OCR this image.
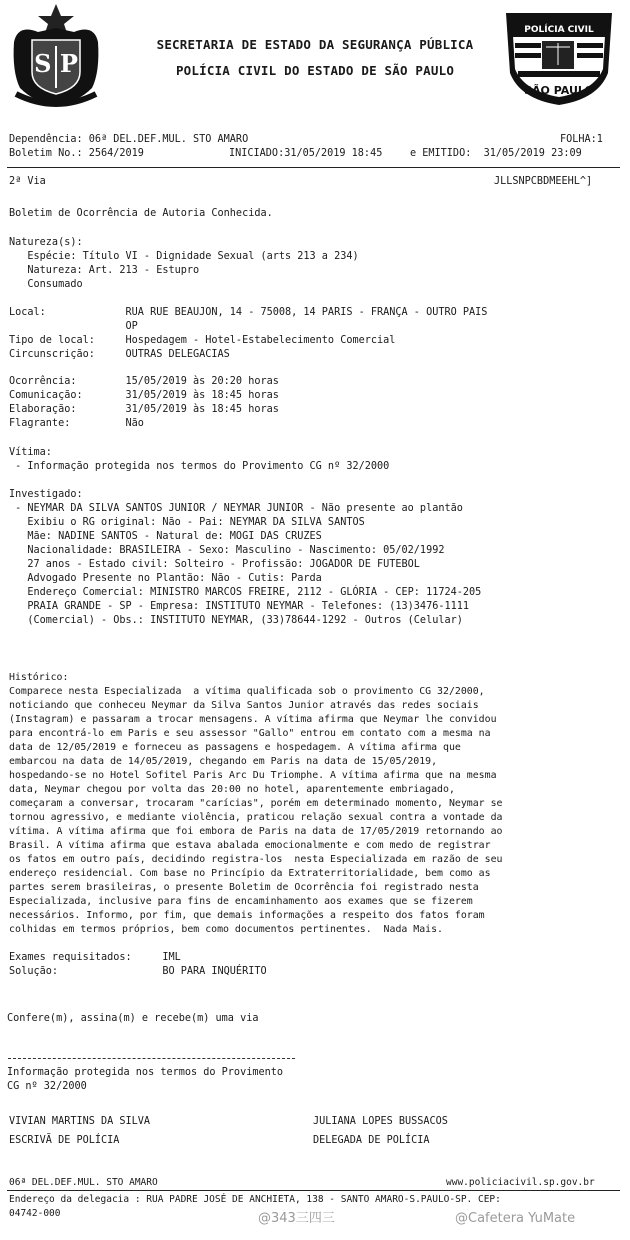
S P
SECRETARIA DE ESTADO DA SEGURANÇA PÚBLICA
POLÍCIA CIVIL DO ESTADO DE SÃO PAULO
POLÍCIA CIVIL
SÃO PAULO
Dependência: 06ª DEL.DEF.MUL. STO AMARO	FOLHA:1
Boletim No.: 2564/2019	INICIADO:31/05/2019 18:45	e EMITIDO:  31/05/2019 23:09
2ª Via	JLLSNPCBDMEEHL^]
Boletim de Ocorrência de Autoria Conhecida.
Natureza(s):
Espécie: Título VI - Dignidade Sexual (arts 213 a 234)
Natureza: Art. 213 - Estupro
Consumado
Local:             RUA RUE BEAUJON, 14 - 75008, 14 PARIS - FRANÇA - OUTRO PAIS
OP
Tipo de local:     Hospedagem - Hotel-Estabelecimento Comercial
Circunscrição:     OUTRAS DELEGACIAS
Ocorrência:        15/05/2019 às 20:20 horas
Comunicação:       31/05/2019 às 18:45 horas
Elaboração:        31/05/2019 às 18:45 horas
Flagrante:         Não
Vítima:
- Informação protegida nos termos do Provimento CG nº 32/2000
Investigado:
- NEYMAR DA SILVA SANTOS JUNIOR / NEYMAR JUNIOR - Não presente ao plantão
Exibiu o RG original: Não - Pai: NEYMAR DA SILVA SANTOS
Mãe: NADINE SANTOS - Natural de: MOGI DAS CRUZES
Nacionalidade: BRASILEIRA - Sexo: Masculino - Nascimento: 05/02/1992
27 anos - Estado civil: Solteiro - Profissão: JOGADOR DE FUTEBOL
Advogado Presente no Plantão: Não - Cutis: Parda
Endereço Comercial: MINISTRO MARCOS FREIRE, 2112 - GLÓRIA - CEP: 11724-205
PRAIA GRANDE - SP - Empresa: INSTITUTO NEYMAR - Telefones: (13)3476-1111
(Comercial) - Obs.: INSTITUTO NEYMAR, (33)78644-1292 - Outros (Celular)
Histórico:
Comparece nesta Especializada  a vítima qualificada sob o provimento CG 32/2000,
noticiando que conheceu Neymar da Silva Santos Junior através das redes sociais
(Instagram) e passaram a trocar mensagens. A vítima afirma que Neymar lhe convidou
para encontrá-lo em Paris e seu assessor "Gallo" entrou em contato com a mesma na
data de 12/05/2019 e forneceu as passagens e hospedagem. A vítima afirma que
embarcou na data de 14/05/2019, chegando em Paris na data de 15/05/2019,
hospedando-se no Hotel Sofitel Paris Arc Du Triomphe. A vítima afirma que na mesma
data, Neymar chegou por volta das 20:00 no hotel, aparentemente embriagado,
começaram a conversar, trocaram "carícias", porém em determinado momento, Neymar se
tornou agressivo, e mediante violência, praticou relação sexual contra a vontade da
vítima. A vítima afirma que foi embora de Paris na data de 17/05/2019 retornando ao
Brasil. A vítima afirma que estava abalada emocionalmente e com medo de registrar
os fatos em outro país, decidindo registra-los  nesta Especializada em razão de seu
endereço residencial. Com base no Princípio da Extraterritorialidade, bem como as
partes serem brasileiras, o presente Boletim de Ocorrência foi registrado nesta
Especializada, inclusive para fins de encaminhamento aos exames que se fizerem
necessários. Informo, por fim, que demais informações a respeito dos fatos foram
colhidas em termos próprios, bem como documentos pertinentes.  Nada Mais.
Exames requisitados:     IML
Solução:                 BO PARA INQUÉRITO
Confere(m), assina(m) e recebe(m) uma via
Informação protegida nos termos do Provimento
CG nº 32/2000
VIVIAN MARTINS DA SILVA	JULIANA LOPES BUSSACOS
ESCRIVÃ DE POLÍCIA	DELEGADA DE POLÍCIA
06ª DEL.DEF.MUL. STO AMARO	www.policiacivil.sp.gov.br
Endereço da delegacia : RUA PADRE JOSÉ DE ANCHIETA, 138 - SANTO AMARO-S.PAULO-SP. CEP:
04742-000	@343三四三	@Cafetera YuMate
